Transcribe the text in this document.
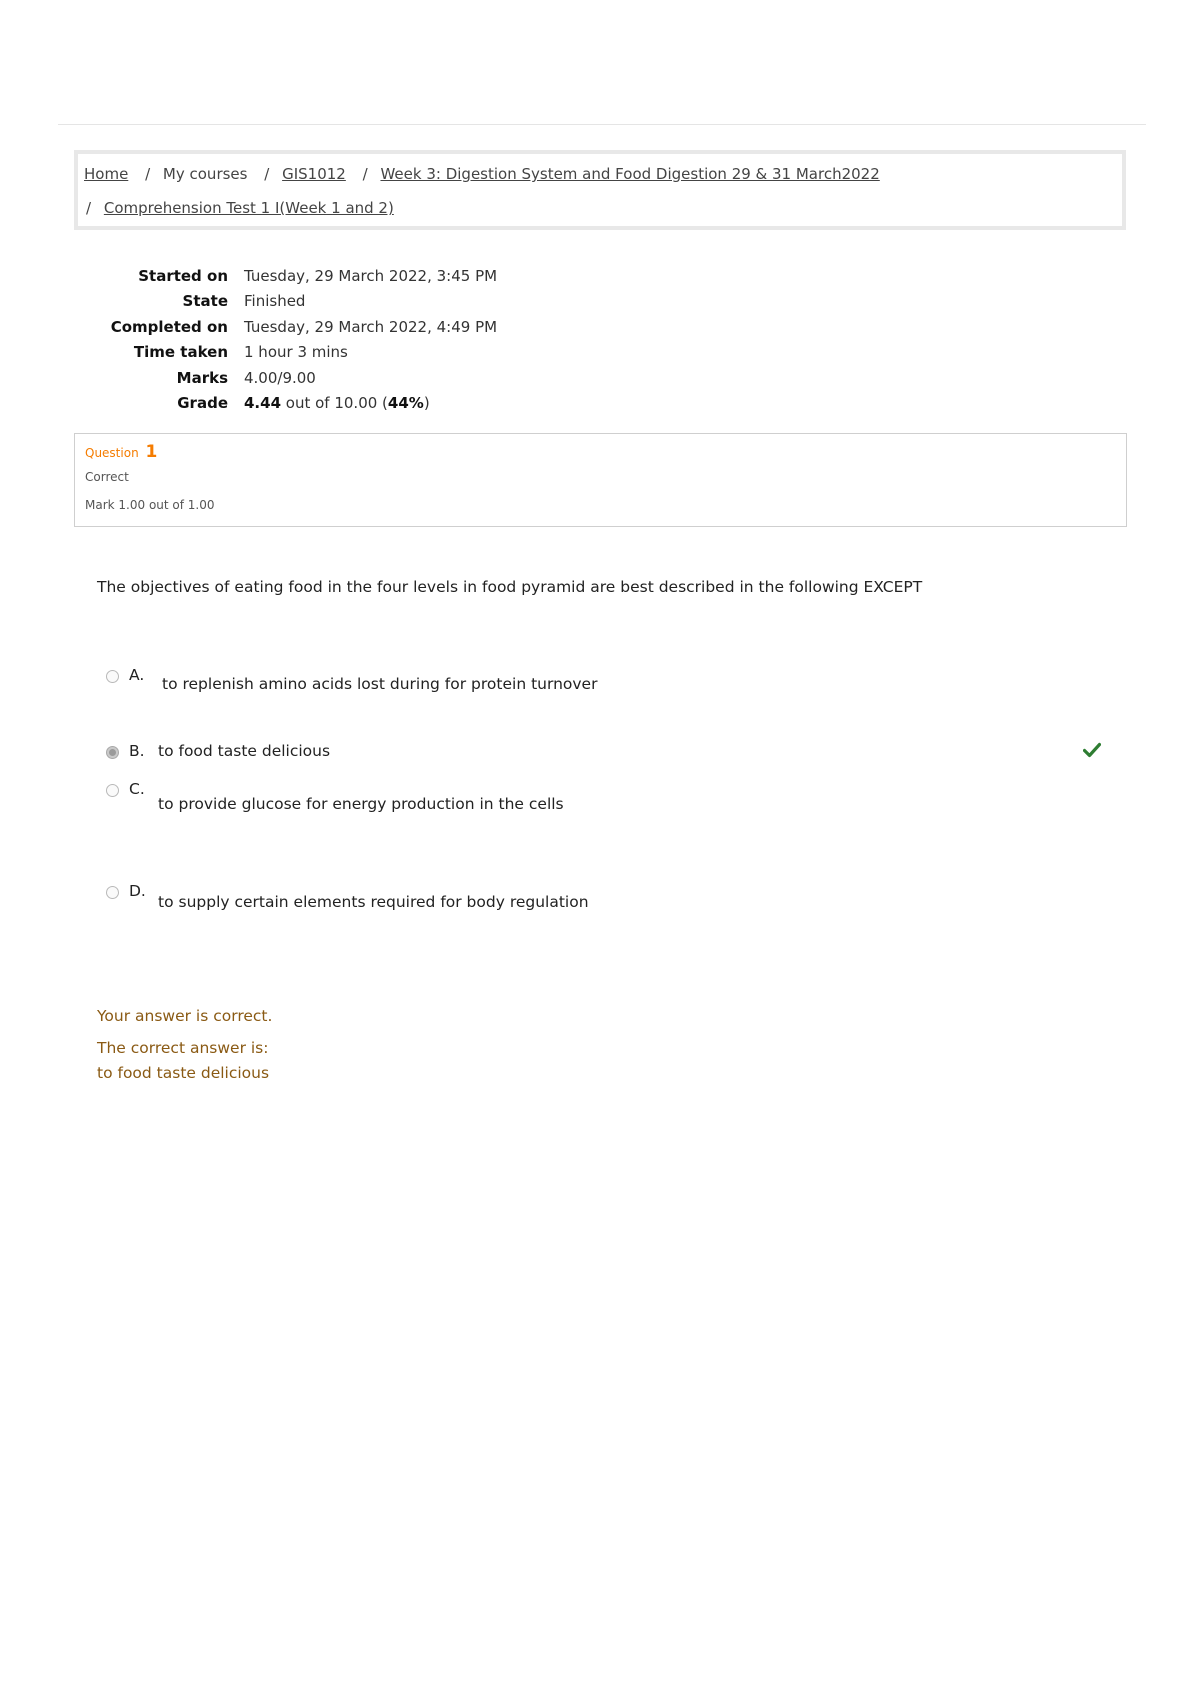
Home / My courses / GIS1012 / Week 3: Digestion System and Food Digestion 29 & 31 March2022
/ Comprehension Test 1 I(Week 1 and 2)
Started on Tuesday, 29 March 2022, 3:45 PM
State Finished
Completed on Tuesday, 29 March 2022, 4:49 PM
Time taken 1 hour 3 mins
Marks 4.00/9.00
Grade 4.44 out of 10.00 (44%)
Question 1
Correct
Mark 1.00 out of 1.00
The objectives of eating food in the four levels in food pyramid are best described in the following EXCEPT
A. to replenish amino acids lost during for protein turnover
B. to food taste delicious
C.
to provide glucose for energy production in the cells
D.
to supply certain elements required for body regulation
Your answer is correct.
The correct answer is:
to food taste delicious
